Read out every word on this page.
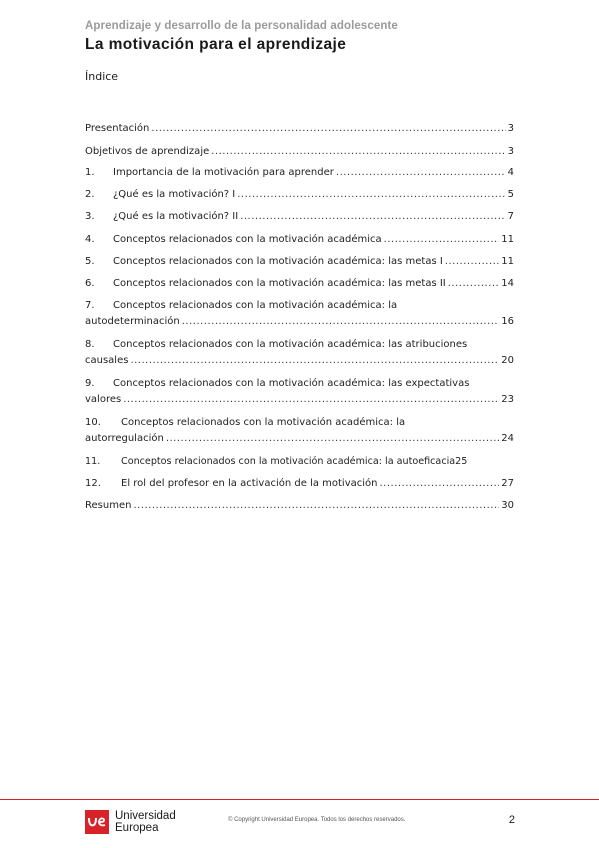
Aprendizaje y desarrollo de la personalidad adolescente
La motivación para el aprendizaje
Índice
Presentación .....	3
Objetivos de aprendizaje .....	3
1.	Importancia de la motivación para aprender .....	4
2.	¿Qué es la motivación? I .....	5
3.	¿Qué es la motivación? II .....	7
4.	Conceptos relacionados con la motivación académica .....	11
5.	Conceptos relacionados con la motivación académica: las metas I .....	11
6.	Conceptos relacionados con la motivación académica: las metas II .....	14
7. Conceptos relacionados con la motivación académica: la
autodeterminación .....	16
8. Conceptos relacionados con la motivación académica: las atribuciones
causales .....	20
9. Conceptos relacionados con la motivación académica: las expectativas
valores .....	23
10. Conceptos relacionados con la motivación académica: la
autorregulación .....	24
11.	Conceptos relacionados con la motivación académica: la autoeficacia 25
12.	El rol del profesor en la activación de la motivación .....	27
Resumen .....	30
Universidad
Europea
© Copyright Universidad Europea. Todos los derechos reservados.	2
